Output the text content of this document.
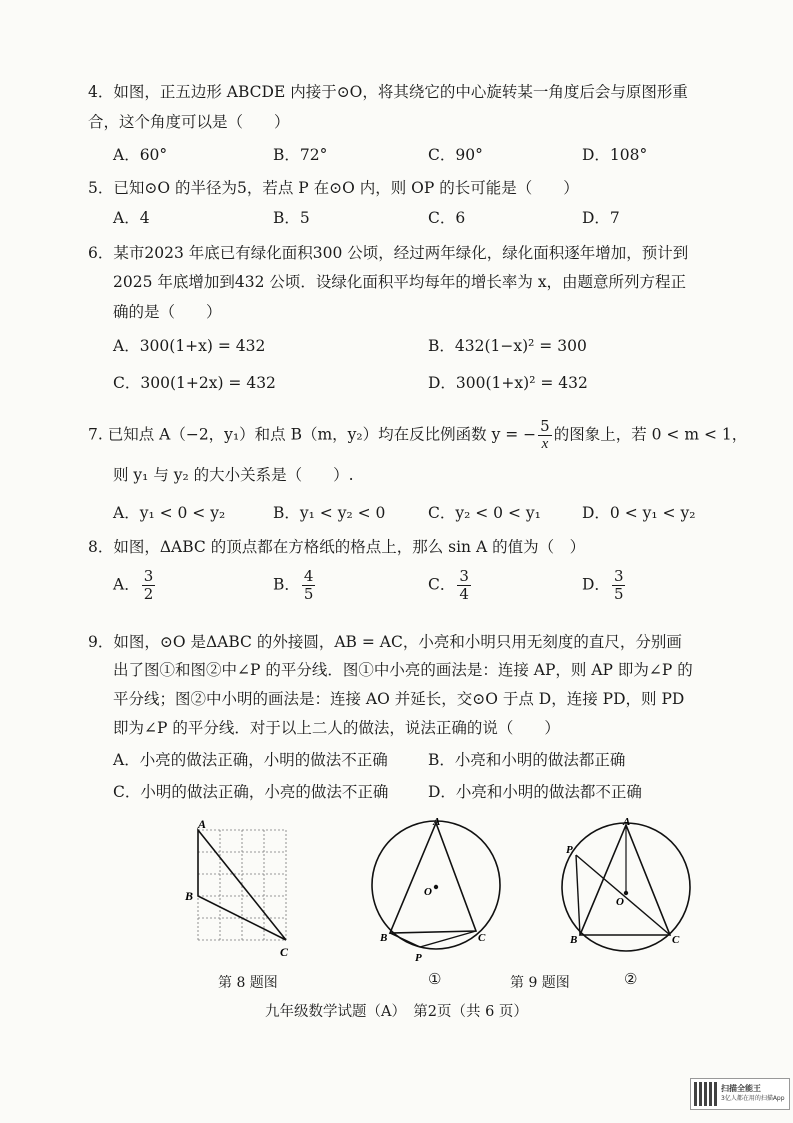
4．如图，正五边形 ABCDE 内接于⊙O，将其绕它的中心旋转某一角度后会与原图形重
合，这个角度可以是（　　）
A．60°	B．72°	C．90°	D．108°
5．已知⊙O 的半径为5，若点 P 在⊙O 内，则 OP 的长可能是（　　）
A．4	B．5	C．6	D．7
6．某市2023 年底已有绿化面积300 公顷，经过两年绿化，绿化面积逐年增加，预计到
2025 年底增加到432 公顷．设绿化面积平均每年的增长率为 x，由题意所列方程正
确的是（　　）
A．300(1+x) = 432	B．432(1−x)² = 300
C．300(1+2x) = 432	D．300(1+x)² = 432
7. 已知点 A（−2，y₁）和点 B（m，y₂）均在反比例函数 y = − $\frac{5}{x}$ 的图象上，若 0 < m < 1，
则 y₁ 与 y₂ 的大小关系是（　　）.
A．y₁ < 0 < y₂	B．y₁ < y₂ < 0	C．y₂ < 0 < y₁	D．0 < y₁ < y₂
8．如图，ΔABC 的顶点都在方格纸的格点上，那么 sin A 的值为（　）
A． $\frac{3}{2}$	B． $\frac{4}{5}$	C． $\frac{3}{4}$	D． $\frac{3}{5}$
9．如图，⊙O 是ΔABC 的外接圆，AB = AC，小亮和小明只用无刻度的直尺，分别画
出了图①和图②中∠P 的平分线．图①中小亮的画法是：连接 AP，则 AP 即为∠P 的
平分线；图②中小明的画法是：连接 AO 并延长，交⊙O 于点 D，连接 PD，则 PD
即为∠P 的平分线．对于以上二人的做法，说法正确的说（　　）
A．小亮的做法正确，小明的做法不正确	B．小亮和小明的做法都正确
C．小明的做法正确，小亮的做法不正确	D．小亮和小明的做法都不正确
A
B
C
A
B	C
O
P
A
P
O
B	C
第 8 题图	①	第 9 题图	②
九年级数学试题（A）　第2页（共 6 页）
扫描全能王
3亿人都在用的扫描App
